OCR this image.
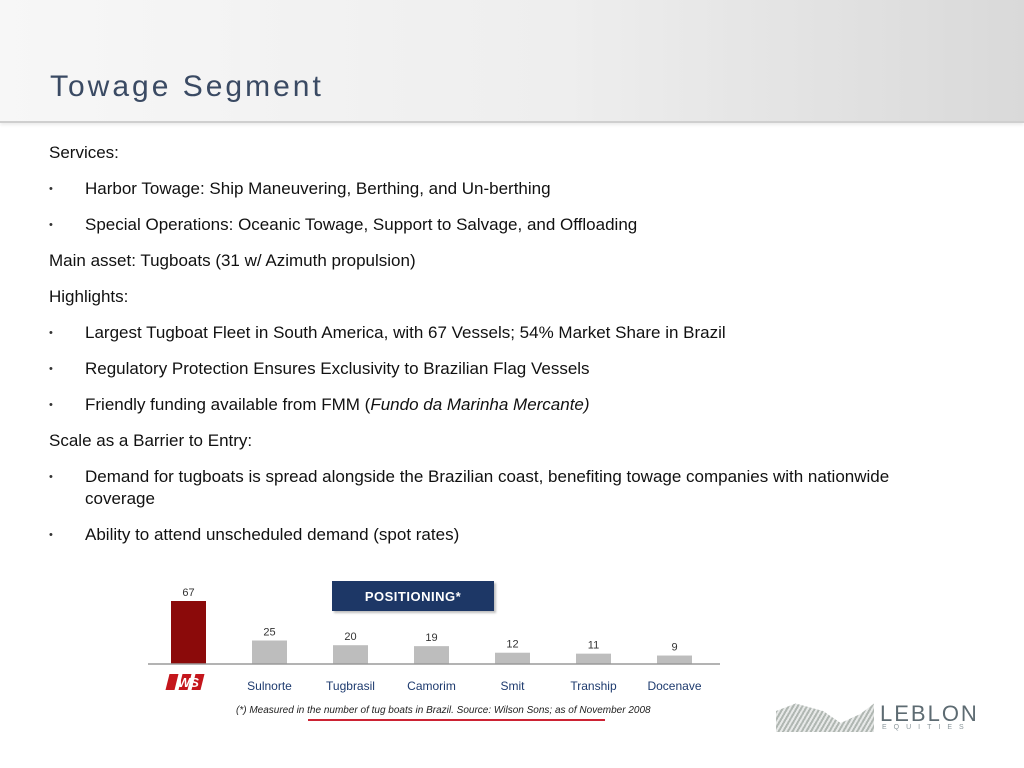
Towage Segment
Services:
•	Harbor Towage: Ship Maneuvering, Berthing, and Un-berthing
•	Special Operations: Oceanic Towage, Support to Salvage, and Offloading
Main asset: Tugboats (31 w/ Azimuth propulsion)
Highlights:
•	Largest Tugboat Fleet in South America, with 67 Vessels; 54% Market Share in Brazil
•	Regulatory Protection Ensures Exclusivity to Brazilian Flag Vessels
•	Friendly funding available from FMM (Fundo da Marinha Mercante)
Scale as a Barrier to Entry:
•	Demand for tugboats is spread alongside the Brazilian coast, benefiting towage companies with nationwide coverage
•	Ability to attend unscheduled demand (spot rates)
67
WS
25
Sulnorte
20
Tugbrasil
19
Camorim
12
Smit
11
Tranship
9
Docenave
POSITIONING*
(*) Measured in the number of tug boats in Brazil. Source: Wilson Sons; as of November 2008	LEBLON
EQUITIES
